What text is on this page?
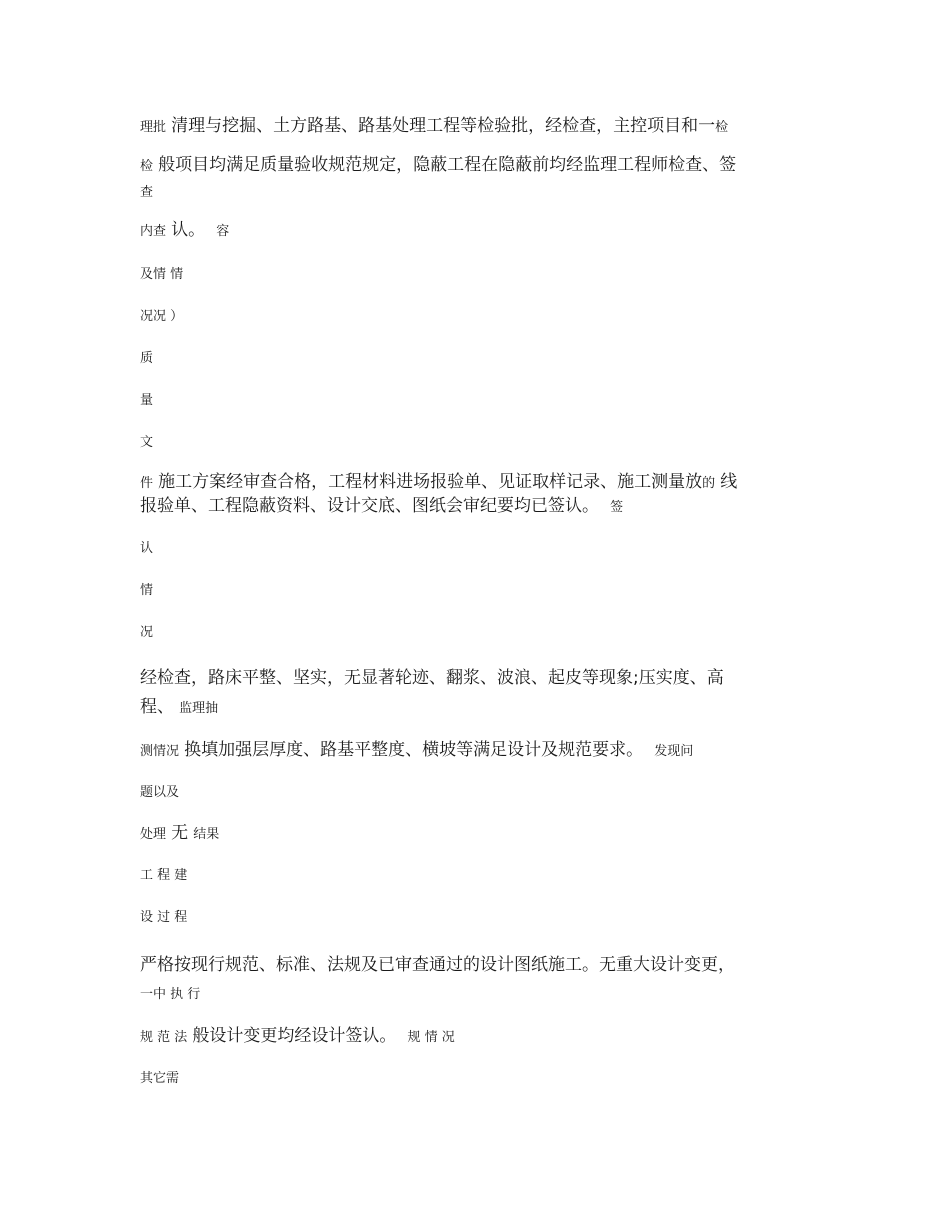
理批 清理与挖掘、土方路基、路基处理工程等检验批，经检查，主控项目和一检
检 般项目均满足质量验收规范规定，隐蔽工程在隐蔽前均经监理工程师检查、签
查
内查 认。 容
及情 情
况况 ）
质
量
文
件 施工方案经审查合格，工程材料进场报验单、见证取样记录、施工测量放的 线
报验单、工程隐蔽资料、设计交底、图纸会审纪要均已签认。 签
认
情
况
经检查，路床平整、坚实，无显著轮迹、翻浆、波浪、起皮等现象;压实度、高
程、 监理抽
测情况 换填加强层厚度、路基平整度、横坡等满足设计及规范要求。 发现问
题以及
处理 无 结果
工 程 建
设 过 程
严格按现行规范、标准、法规及已审查通过的设计图纸施工。无重大设计变更，
一中 执 行
规 范 法 般设计变更均经设计签认。 规 情 况
其它需
